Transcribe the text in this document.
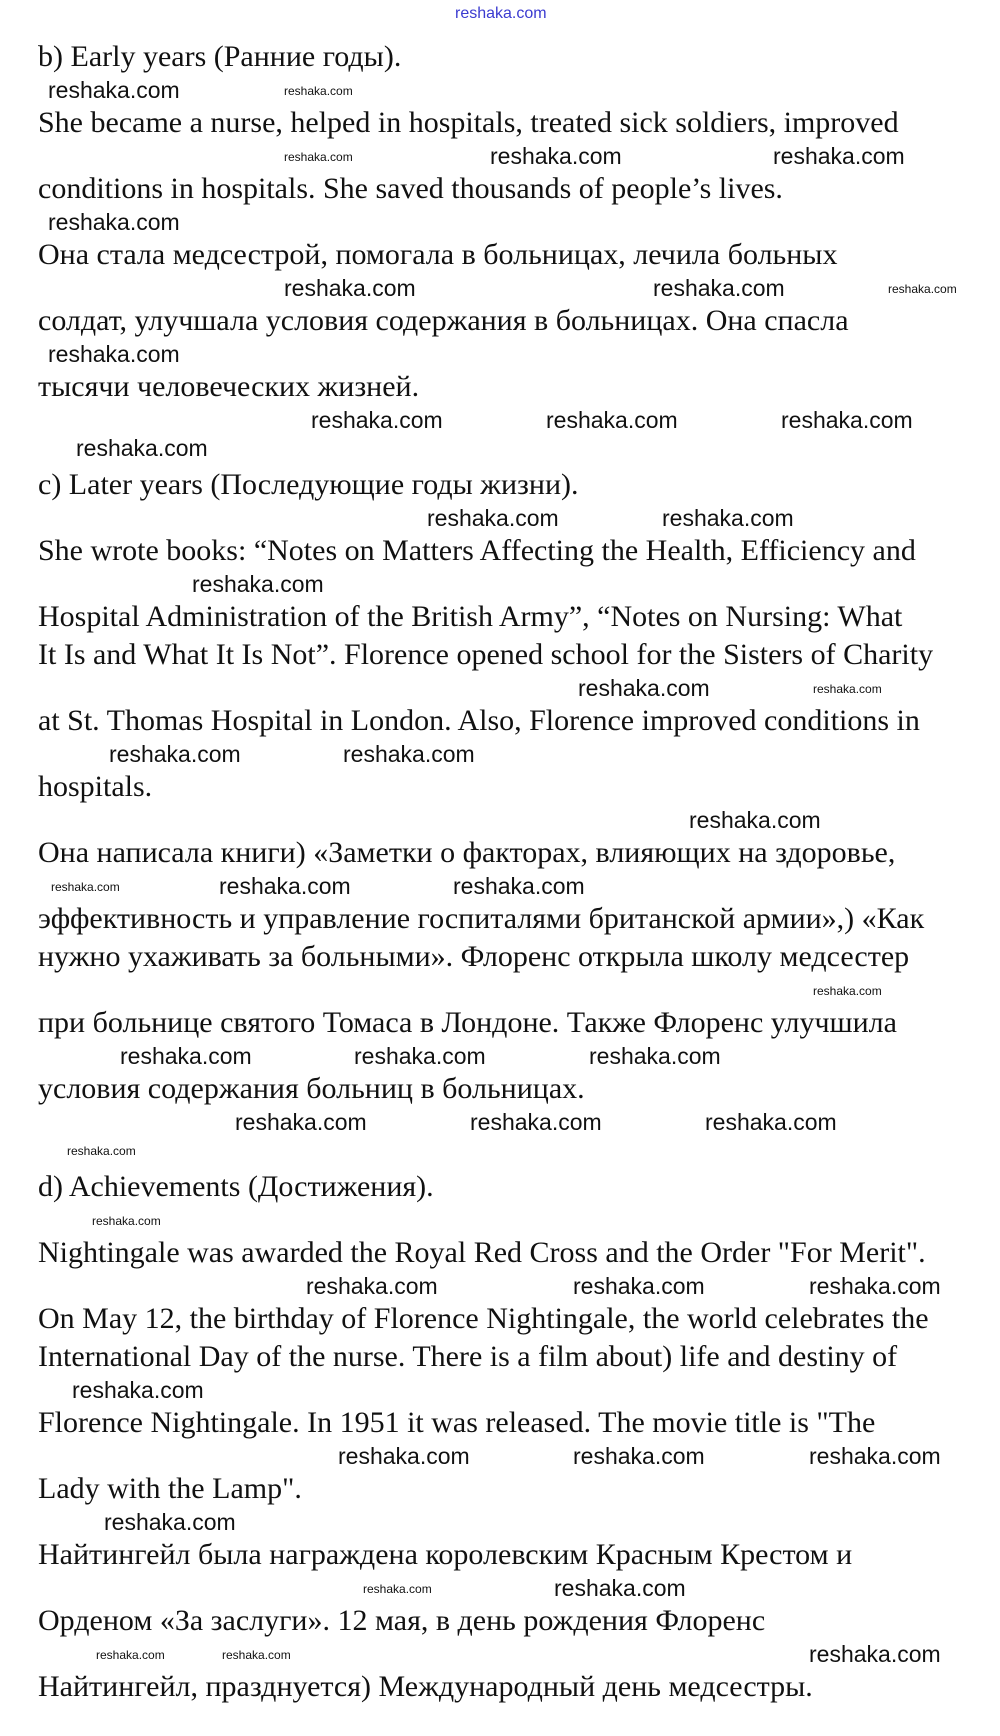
reshaka.com
b) Early years (Ранние годы).
reshaka.com	reshaka.com
She became a nurse, helped in hospitals, treated sick soldiers, improved
reshaka.com	reshaka.com	reshaka.com
conditions in hospitals. She saved thousands of people’s lives.
reshaka.com
Она стала медсестрой, помогала в больницах, лечила больных
reshaka.com	reshaka.com	reshaka.com
солдат, улучшала условия содержания в больницах. Она спасла
reshaka.com
тысячи человеческих жизней.
reshaka.com	reshaka.com	reshaka.com
reshaka.com
c) Later years (Последующие годы жизни).
reshaka.com	reshaka.com
She wrote books: “Notes on Matters Affecting the Health, Efficiency and
reshaka.com
Hospital Administration of the British Army”, “Notes on Nursing: What
It Is and What It Is Not”. Florence opened school for the Sisters of Charity
reshaka.com	reshaka.com
at St. Thomas Hospital in London. Also, Florence improved conditions in
reshaka.com	reshaka.com
hospitals.
reshaka.com
Она написала книги) «Заметки о факторах, влияющих на здоровье,
reshaka.com	reshaka.com	reshaka.com
эффективность и управление госпиталями британской армии»,) «Как
нужно ухаживать за больными». Флоренс открыла школу медсестер
reshaka.com
при больнице святого Томаса в Лондоне. Также Флоренс улучшила
reshaka.com	reshaka.com	reshaka.com
условия содержания больниц в больницах.
reshaka.com	reshaka.com	reshaka.com
reshaka.com
d) Achievements (Достижения).
reshaka.com
Nightingale was awarded the Royal Red Cross and the Order "For Merit".
reshaka.com	reshaka.com	reshaka.com
On May 12, the birthday of Florence Nightingale, the world celebrates the
International Day of the nurse. There is a film about) life and destiny of
reshaka.com
Florence Nightingale. In 1951 it was released. The movie title is "The
reshaka.com	reshaka.com	reshaka.com
Lady with the Lamp".
reshaka.com
Найтингейл была награждена королевским Красным Крестом и
reshaka.com	reshaka.com
Орденом «За заслуги». 12 мая, в день рождения Флоренс
reshaka.com	reshaka.com	reshaka.com
Найтингейл, празднуется) Международный день медсестры.
